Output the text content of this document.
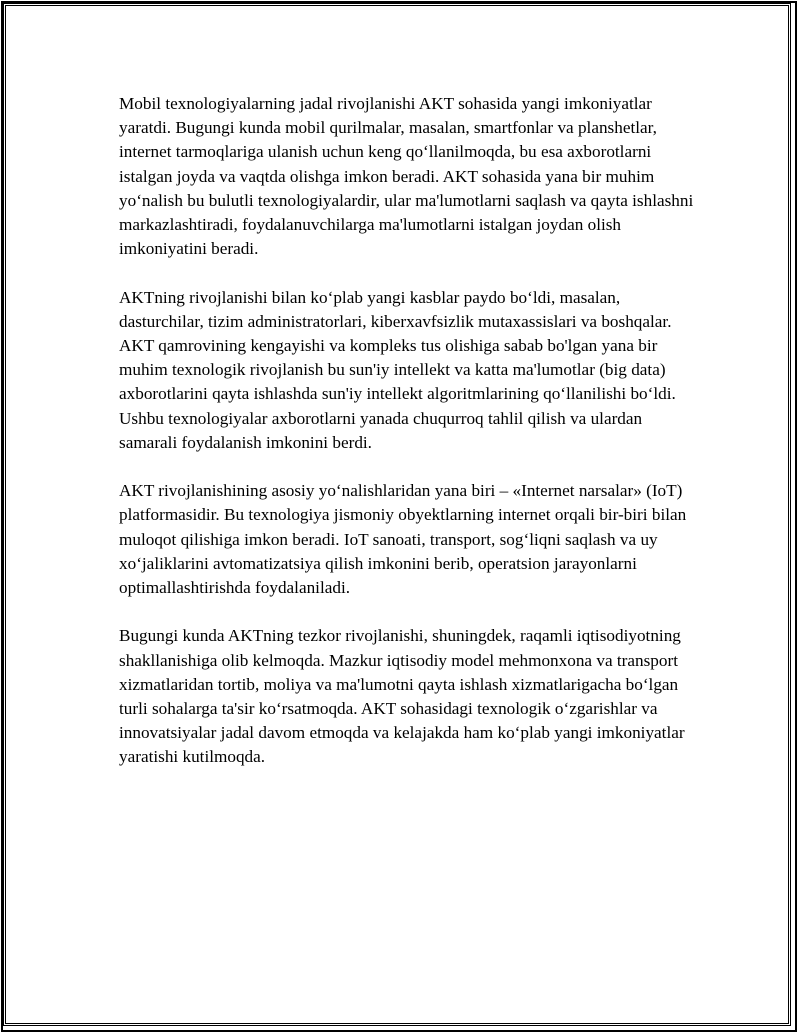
Mobil texnologiyalarning jadal rivojlanishi AKT sohasida yangi imkoniyatlar yaratdi. Bugungi kunda mobil qurilmalar, masalan, smartfonlar va planshetlar, internet tarmoqlariga ulanish uchun keng qo‘llanilmoqda, bu esa axborotlarni istalgan joyda va vaqtda olishga imkon beradi. AKT sohasida yana bir muhim yo‘nalish bu bulutli texnologiyalardir, ular ma'lumotlarni saqlash va qayta ishlashni markazlashtiradi, foydalanuvchilarga ma'lumotlarni istalgan joydan olish imkoniyatini beradi.

AKTning rivojlanishi bilan ko‘plab yangi kasblar paydo bo‘ldi, masalan, dasturchilar, tizim administratorlari, kiberxavfsizlik mutaxassislari va boshqalar. AKT qamrovining kengayishi va kompleks tus olishiga sabab bo'lgan yana bir muhim texnologik rivojlanish bu sun'iy intellekt va katta ma'lumotlar (big data) axborotlarini qayta ishlashda sun'iy intellekt algoritmlarining qo‘llanilishi bo‘ldi. Ushbu texnologiyalar axborotlarni yanada chuqurroq tahlil qilish va ulardan samarali foydalanish imkonini berdi.

AKT rivojlanishining asosiy yo‘nalishlaridan yana biri – «Internet narsalar» (IoT) platformasidir. Bu texnologiya jismoniy obyektlarning internet orqali bir-biri bilan muloqot qilishiga imkon beradi. IoT sanoati, transport, sog‘liqni saqlash va uy xo‘jaliklarini avtomatizatsiya qilish imkonini berib, operatsion jarayonlarni optimallashtirishda foydalaniladi.

Bugungi kunda AKTning tezkor rivojlanishi, shuningdek, raqamli iqtisodiyotning shakllanishiga olib kelmoqda. Mazkur iqtisodiy model mehmonxona va transport xizmatlaridan tortib, moliya va ma'lumotni qayta ishlash xizmatlarigacha bo‘lgan turli sohalarga ta'sir ko‘rsatmoqda. AKT sohasidagi texnologik o‘zgarishlar va innovatsiyalar jadal davom etmoqda va kelajakda ham ko‘plab yangi imkoniyatlar yaratishi kutilmoqda.
